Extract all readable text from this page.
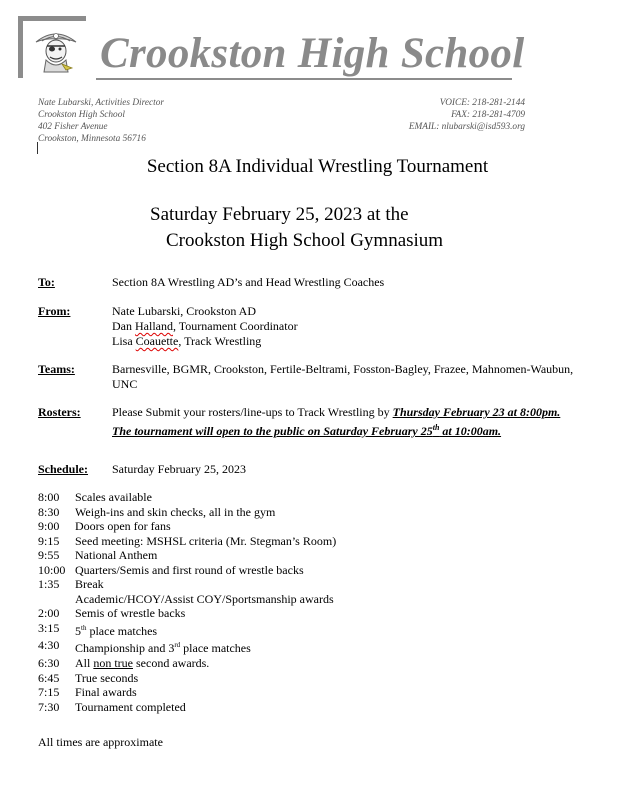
Crookston High School
Nate Lubarski, Activities Director
Crookston High School
402 Fisher Avenue
Crookston, Minnesota 56716
VOICE: 218-281-2144
FAX: 218-281-4709
EMAIL: nlubarski@isd593.org
Section 8A Individual Wrestling Tournament
Saturday February 25, 2023 at the
Crookston High School Gymnasium
To:	Section 8A Wrestling AD’s and Head Wrestling Coaches
From:	Nate Lubarski, Crookston AD
Dan Halland, Tournament Coordinator
Lisa Coauette, Track Wrestling
Teams:	Barnesville, BGMR, Crookston, Fertile-Beltrami, Fosston-Bagley, Frazee, Mahnomen-Waubun,
UNC
Rosters:	Please Submit your rosters/line-ups to Track Wrestling by Thursday February 23 at 8:00pm.
The tournament will open to the public on Saturday February 25th at 10:00am.
Schedule: Saturday February 25, 2023
8:00	Scales available
8:30	Weigh-ins and skin checks, all in the gym
9:00	Doors open for fans
9:15	Seed meeting: MSHSL criteria (Mr. Stegman’s Room)
9:55	National Anthem
10:00 Quarters/Semis and first round of wrestle backs
1:35	Break
Academic/HCOY/Assist COY/Sportsmanship awards
2:00	Semis of wrestle backs
3:15	5th place matches
4:30	Championship and 3rd place matches
6:30	All non true second awards.
6:45	True seconds
7:15	Final awards
7:30	Tournament completed
All times are approximate
